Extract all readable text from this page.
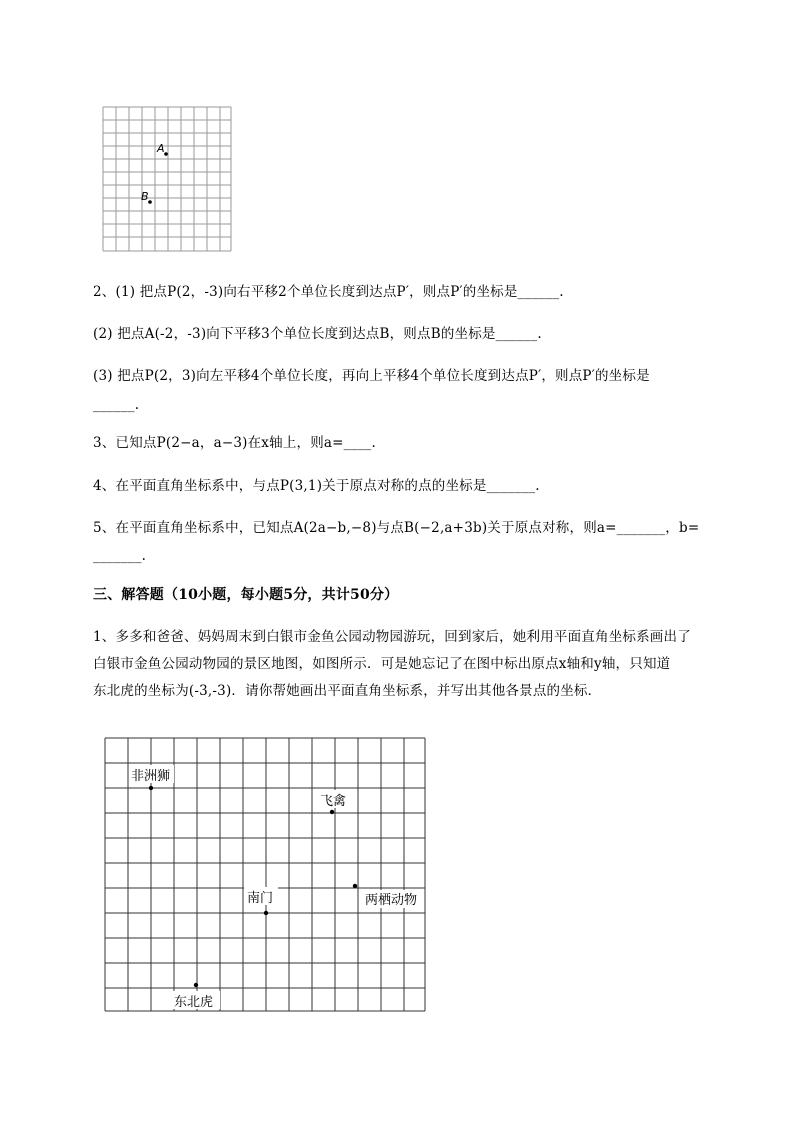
A
B
2、(1) 把点P(2，-3)向右平移2个单位长度到达点P′，则点P′的坐标是______.
(2) 把点A(-2，-3)向下平移3个单位长度到达点B，则点B的坐标是______.
(3) 把点P(2，3)向左平移4个单位长度，再向上平移4个单位长度到达点P′，则点P′的坐标是
______.
3、已知点P(2−a，a−3)在x轴上，则a=____.
4、在平面直角坐标系中，与点P(3,1)关于原点对称的点的坐标是_______.
5、在平面直角坐标系中，已知点A(2a−b,−8)与点B(−2,a+3b)关于原点对称，则a=_______，b=
_______.
三、解答题（10小题，每小题5分，共计50分）
1、多多和爸爸、妈妈周末到白银市金鱼公园动物园游玩，回到家后，她利用平面直角坐标系画出了
白银市金鱼公园动物园的景区地图，如图所示．可是她忘记了在图中标出原点x轴和y轴，只知道
东北虎的坐标为(-3,-3)．请你帮她画出平面直角坐标系，并写出其他各景点的坐标．
非洲狮
飞禽
南门	两栖动物
东北虎
